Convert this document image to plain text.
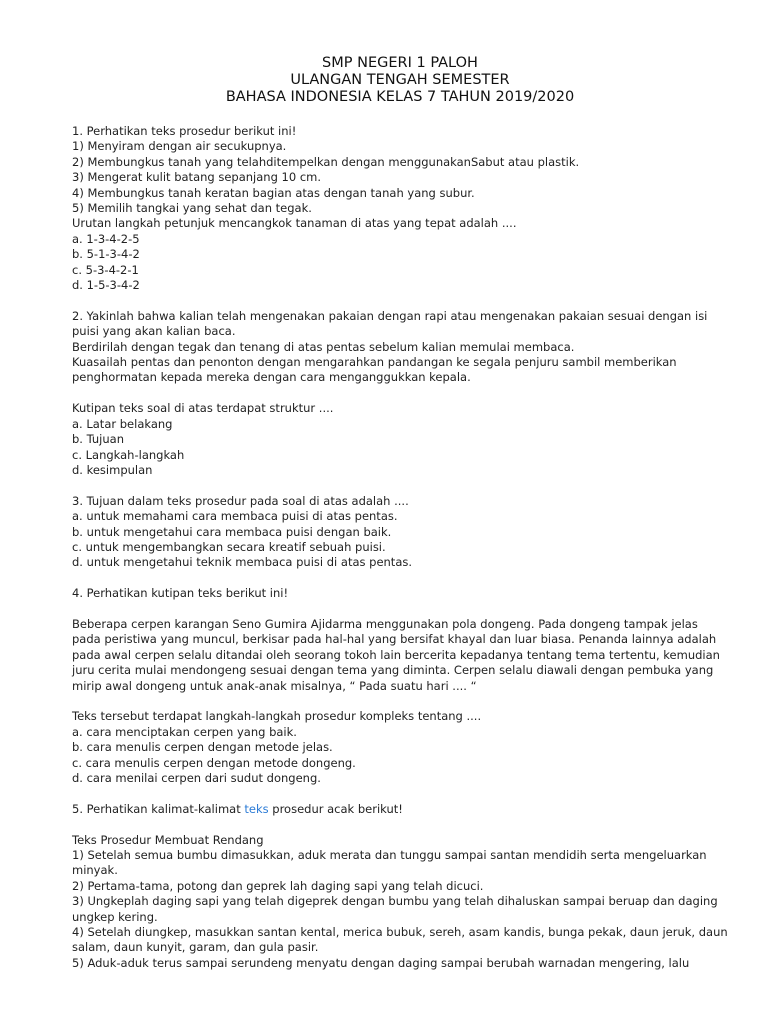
SMP NEGERI 1 PALOH
ULANGAN TENGAH SEMESTER
BAHASA INDONESIA KELAS 7 TAHUN 2019/2020
1. Perhatikan teks prosedur berikut ini!
1) Menyiram dengan air secukupnya.
2) Membungkus tanah yang telahditempelkan dengan menggunakanSabut atau plastik.
3) Mengerat kulit batang sepanjang 10 cm.
4) Membungkus tanah keratan bagian atas dengan tanah yang subur.
5) Memilih tangkai yang sehat dan tegak.
Urutan langkah petunjuk mencangkok tanaman di atas yang tepat adalah ....
a. 1-3-4-2-5
b. 5-1-3-4-2
c. 5-3-4-2-1
d. 1-5-3-4-2
2. Yakinlah bahwa kalian telah mengenakan pakaian dengan rapi atau mengenakan pakaian sesuai dengan isi puisi yang akan kalian baca.
Berdirilah dengan tegak dan tenang di atas pentas sebelum kalian memulai membaca.
Kuasailah pentas dan penonton dengan mengarahkan pandangan ke segala penjuru sambil memberikan penghormatan kepada mereka dengan cara menganggukkan kepala.
Kutipan teks soal di atas terdapat struktur ....
a. Latar belakang
b. Tujuan
c. Langkah-langkah
d. kesimpulan
3. Tujuan dalam teks prosedur pada soal di atas adalah ....
a. untuk memahami cara membaca puisi di atas pentas.
b. untuk mengetahui cara membaca puisi dengan baik.
c. untuk mengembangkan secara kreatif sebuah puisi.
d. untuk mengetahui teknik membaca puisi di atas pentas.
4. Perhatikan kutipan teks berikut ini!
Beberapa cerpen karangan Seno Gumira Ajidarma menggunakan pola dongeng. Pada dongeng tampak jelas pada peristiwa yang muncul, berkisar pada hal-hal yang bersifat khayal dan luar biasa. Penanda lainnya adalah pada awal cerpen selalu ditandai oleh seorang tokoh lain bercerita kepadanya tentang tema tertentu, kemudian juru cerita mulai mendongeng sesuai dengan tema yang diminta. Cerpen selalu diawali dengan pembuka yang mirip awal dongeng untuk anak-anak misalnya, “ Pada suatu hari .... “
Teks tersebut terdapat langkah-langkah prosedur kompleks tentang ....
a. cara menciptakan cerpen yang baik.
b. cara menulis cerpen dengan metode jelas.
c. cara menulis cerpen dengan metode dongeng.
d. cara menilai cerpen dari sudut dongeng.
5. Perhatikan kalimat-kalimat teks prosedur acak berikut!
Teks Prosedur Membuat Rendang
1) Setelah semua bumbu dimasukkan, aduk merata dan tunggu sampai santan mendidih serta mengeluarkan minyak.
2) Pertama-tama, potong dan geprek lah daging sapi yang telah dicuci.
3) Ungkeplah daging sapi yang telah digeprek dengan bumbu yang telah dihaluskan sampai beruap dan daging ungkep kering.
4) Setelah diungkep, masukkan santan kental, merica bubuk, sereh, asam kandis, bunga pekak, daun jeruk, daun salam, daun kunyit, garam, dan gula pasir.
5) Aduk-aduk terus sampai serundeng menyatu dengan daging sampai berubah warnadan mengering, lalu
